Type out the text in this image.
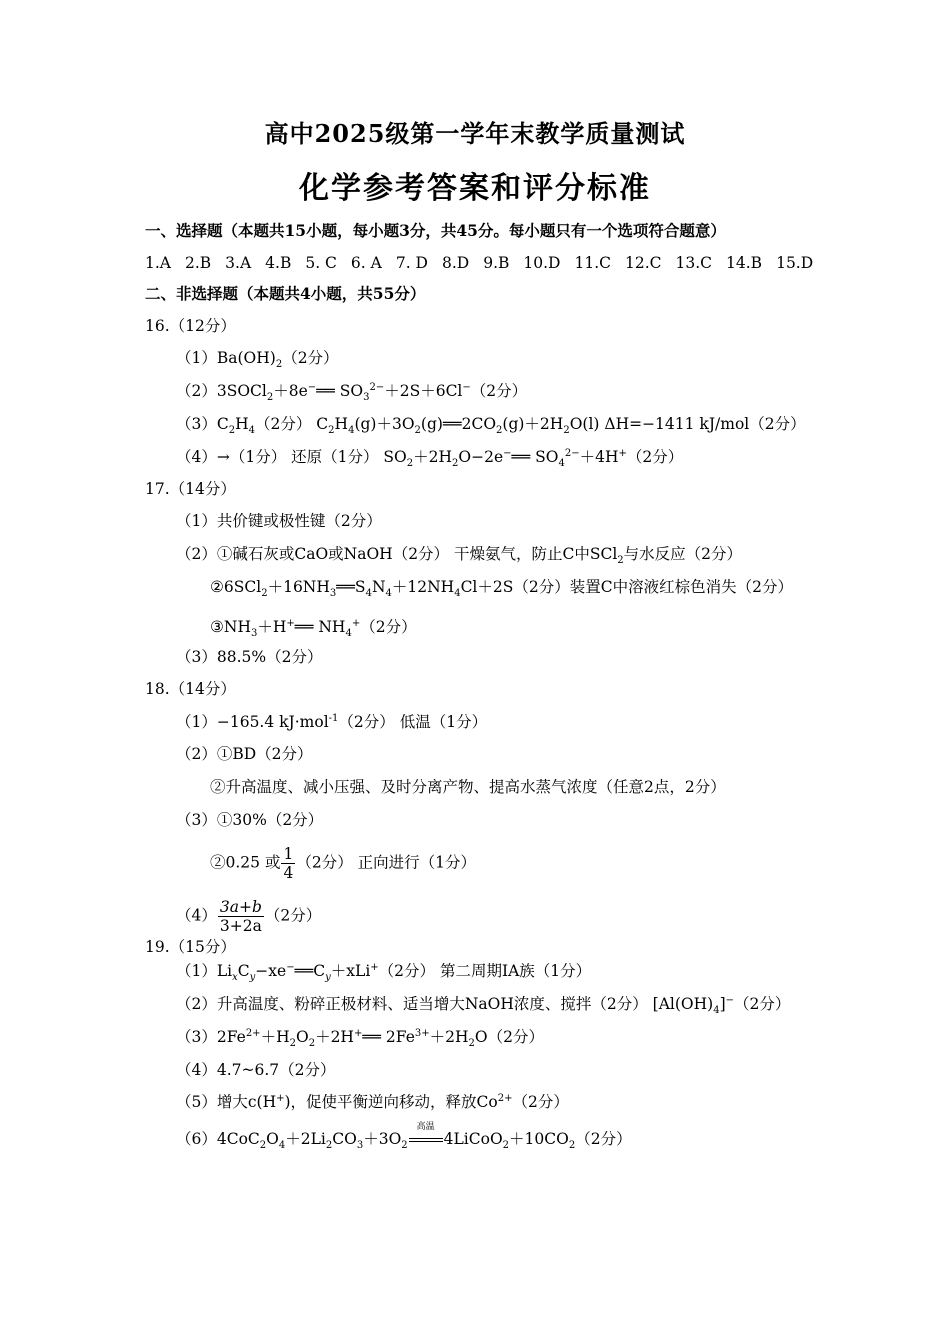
高中2025级第一学年末教学质量测试
化学参考答案和评分标准
一、选择题（本题共15小题，每小题3分，共45分。每小题只有一个选项符合题意）
1.A 2.B 3.A 4.B 5. C 6. A 7. D 8.D 9.B 10.D 11.C 12.C 13.C 14.B 15.D
二、非选择题（本题共4小题，共55分）
16.（12分）
$(1)Ba(OH)_2(2$分）
（2）3SOCl$_2$＋8e−══ $SO_3^{2-}+2S+6Cl^-(2$分）
$(3)C_2H_4(2$分） $C_2H_4(g)+3O_2(g)══2CO_2(g)+2H_2O(l)$ ΔH=−1411 kJ/mol（2分）
（4）→（1分） 还原（1分） $SO_2+2H_2O-2e^-══$ $SO_4^{2-}+4H^+(2$分）
17.（14分）
（1）共价键或极性键（2分）
（2）①碱石灰或CaO或NaOH（2分） 干燥氨气，防止C中SCl$_2$与水反应（2分）
$②6SCl_2+16NH_3══S_4N_4+12NH_4Cl+2S(2$分）装置C中溶液红棕色消失（2分）
$③NH_3+H^+══$ $NH_4^+(2$分）
（3）88.5%（2分）
18.（14分）
（1）−165.4 kJ·mol$^{-1}$（2分） 低温（1分）
（2）①BD（2分）
②升高温度、减小压强、及时分离产物、提高水蒸气浓度（任意2点，2分）
（3）①30%（2分）
②0.25 或 $\frac{1}{4} (2$分） 正向进行（1分）
$(4) \frac{3a+b}{3+2a} (2$分）
19.（15分）
$(1)Li_xC_y-xe^-══C_y+xLi^+(2$分） 第二周期IA族（1分）
（2）升高温度、粉碎正极材料、适当增大NaOH浓度、搅拌（2分） $[Al(OH)_4]^-(2$分）
$(3)2Fe^{2+}+H_2O_2+2H^+══$ $2Fe^{3+}+2H_2O(2$分）
（4）4.7~6.7（2分）
（5）增大c(H+)，促使平衡逆向移动，释放$Co^{2+}(2$分）
$(6)4CoC_2O_4+2Li_2CO_3+3O_2$
高温
$4LiCoO_2+10CO_2(2$分）
